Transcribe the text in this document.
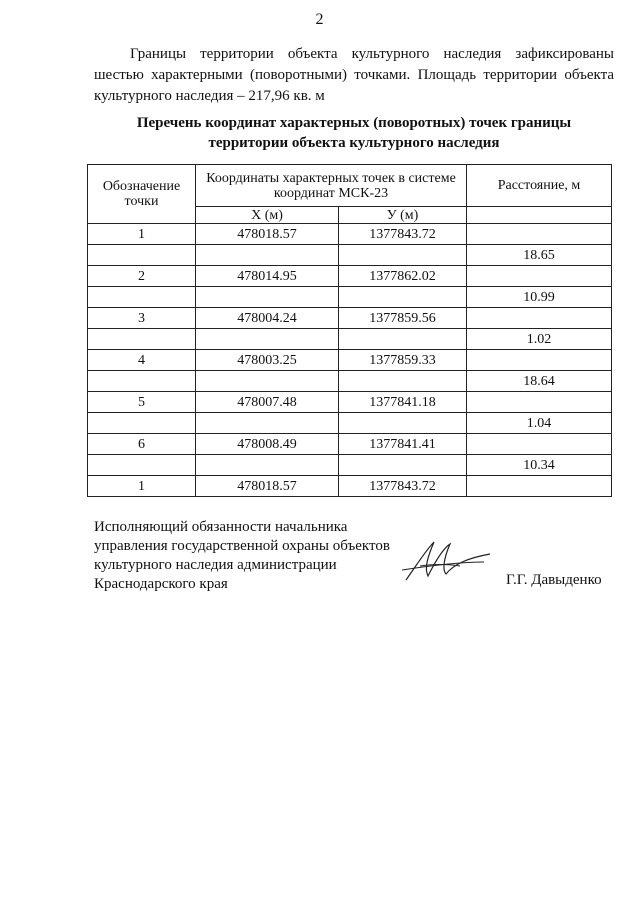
2

Границы территории объекта культурного наследия зафиксированы шестью характерными (поворотными) точками. Площадь территории объекта культурного наследия – 217,96 кв. м

Перечень координат характерных (поворотных) точек границы
территории объекта культурного наследия
Обозначение точки	Координаты характерных точек в системе координат МСК-23		Расстояние, м
	X (м)	У (м)	
1	478018.57	1377843.72	
			18.65
2	478014.95	1377862.02	
			10.99
3	478004.24	1377859.56	
			1.02
4	478003.25	1377859.33	
			18.64
5	478007.48	1377841.18	
			1.04
6	478008.49	1377841.41	
			10.34
1	478018.57	1377843.72	
Исполняющий обязанности начальника
управления государственной охраны объектов
культурного наследия администрации
Краснодарского края	Г.Г. Давыденко
